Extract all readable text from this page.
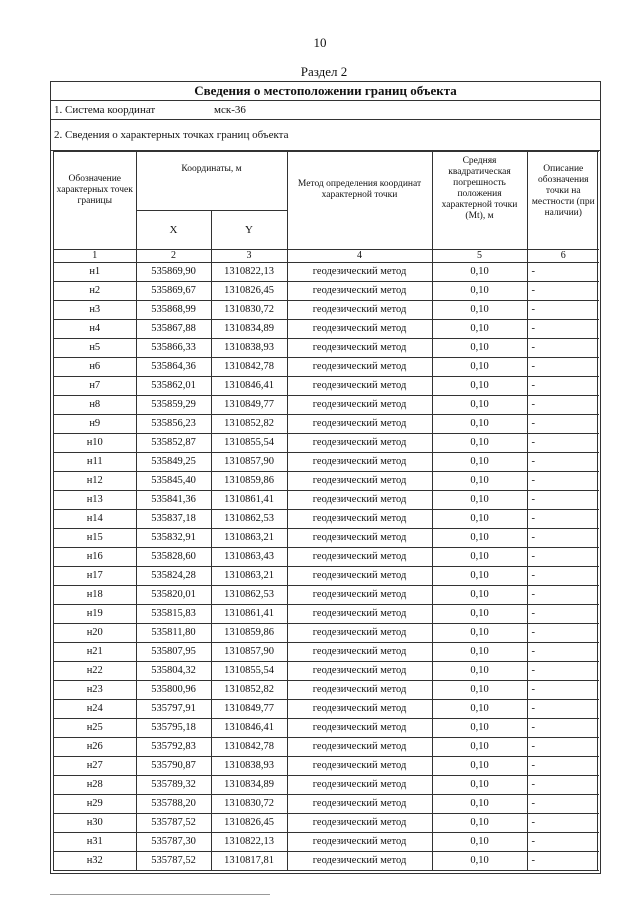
10
Раздел 2
Сведения о местоположении границ объекта
1. Система координат	мск-36
2. Сведения о характерных точках границ объекта
Обозначение характерных точек границы	Координаты, м		Метод определения координат характерной точки	Средняя квадратическая погрешность положения характерной точки (Mt), м	Описание обозначения точки на местности (при наличии)

	X	Y			
1	2	3	4	5	6
н1	535869,90	1310822,13	геодезический метод	0,10	-
н2	535869,67	1310826,45	геодезический метод	0,10	-
н3	535868,99	1310830,72	геодезический метод	0,10	-
н4	535867,88	1310834,89	геодезический метод	0,10	-
н5	535866,33	1310838,93	геодезический метод	0,10	-
н6	535864,36	1310842,78	геодезический метод	0,10	-
н7	535862,01	1310846,41	геодезический метод	0,10	-
н8	535859,29	1310849,77	геодезический метод	0,10	-
н9	535856,23	1310852,82	геодезический метод	0,10	-
н10	535852,87	1310855,54	геодезический метод	0,10	-
н11	535849,25	1310857,90	геодезический метод	0,10	-
н12	535845,40	1310859,86	геодезический метод	0,10	-
н13	535841,36	1310861,41	геодезический метод	0,10	-
н14	535837,18	1310862,53	геодезический метод	0,10	-
н15	535832,91	1310863,21	геодезический метод	0,10	-
н16	535828,60	1310863,43	геодезический метод	0,10	-
н17	535824,28	1310863,21	геодезический метод	0,10	-
н18	535820,01	1310862,53	геодезический метод	0,10	-
н19	535815,83	1310861,41	геодезический метод	0,10	-
н20	535811,80	1310859,86	геодезический метод	0,10	-
н21	535807,95	1310857,90	геодезический метод	0,10	-
н22	535804,32	1310855,54	геодезический метод	0,10	-
н23	535800,96	1310852,82	геодезический метод	0,10	-
н24	535797,91	1310849,77	геодезический метод	0,10	-
н25	535795,18	1310846,41	геодезический метод	0,10	-
н26	535792,83	1310842,78	геодезический метод	0,10	-
н27	535790,87	1310838,93	геодезический метод	0,10	-
н28	535789,32	1310834,89	геодезический метод	0,10	-
н29	535788,20	1310830,72	геодезический метод	0,10	-
н30	535787,52	1310826,45	геодезический метод	0,10	-
н31	535787,30	1310822,13	геодезический метод	0,10	-
н32	535787,52	1310817,81	геодезический метод	0,10	-
